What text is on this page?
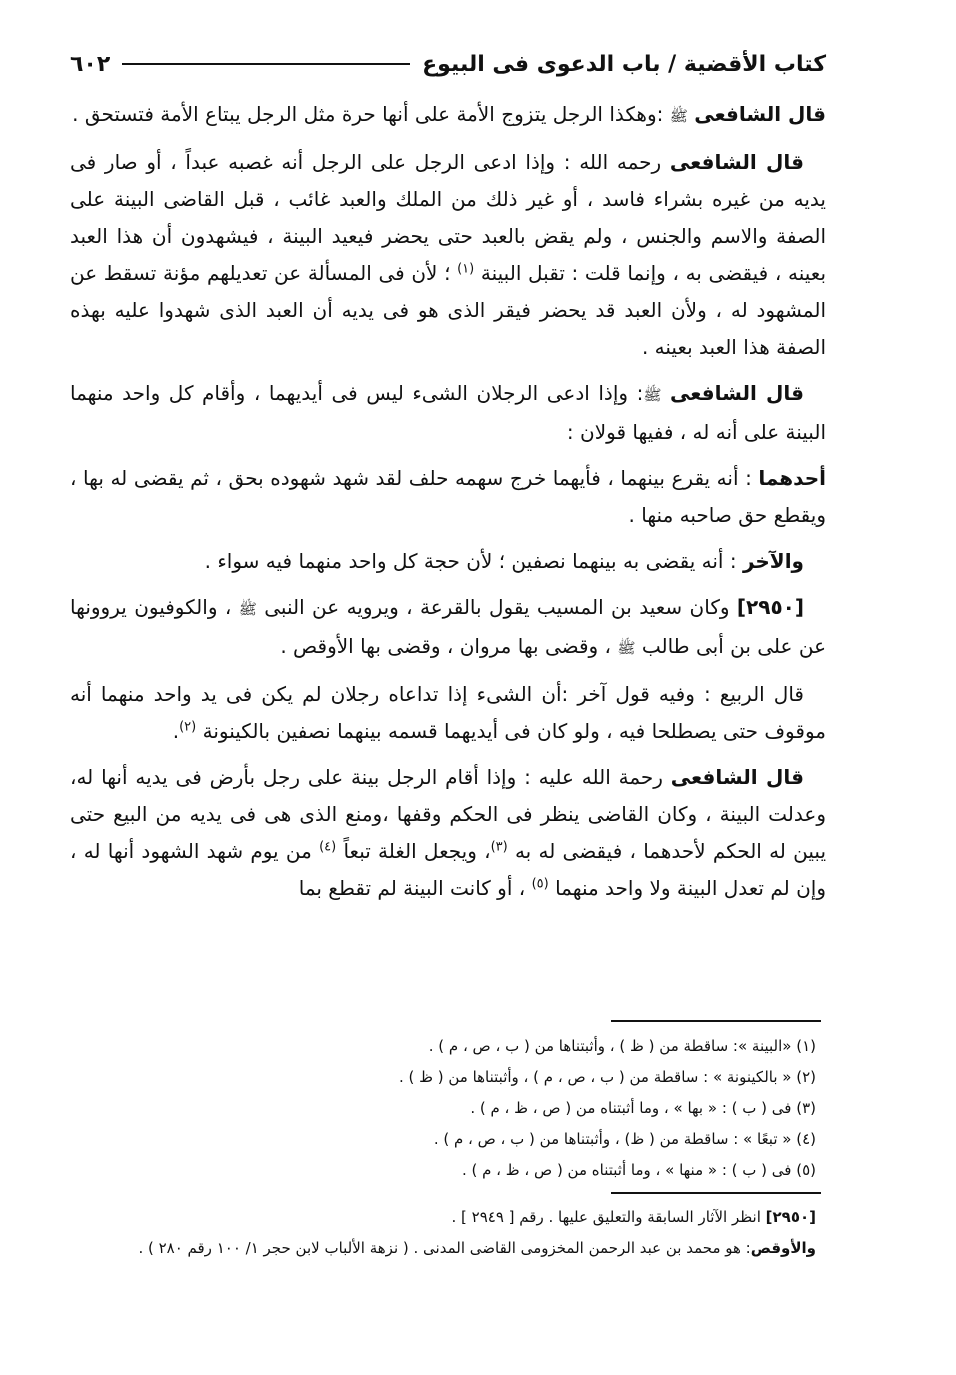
كتاب الأقضية / باب الدعوى فى البيوع
٦٠٢

قال الشافعى ﷺ :وهكذا الرجل يتزوج الأمة على أنها حرة مثل الرجل يبتاع الأمة فتستحق .

قال الشافعى رحمه الله : وإذا ادعى الرجل على الرجل أنه غصبه عبداً ، أو صار فى يديه من غيره بشراء فاسد ، أو غير ذلك من الملك والعبد غائب ، قبل القاضى البينة على الصفة والاسم والجنس ، ولم يقض بالعبد حتى يحضر فيعيد البينة ، فيشهدون أن هذا العبد بعينه ، فيقضى به ، وإنما قلت : تقبل البينة $^{(١)}$ ؛ لأن فى المسألة عن تعديلهم مؤنة تسقط عن المشهود له ، ولأن العبد قد يحضر فيقر الذى هو فى يديه أن العبد الذى شهدوا عليه بهذه الصفة هذا العبد بعينه .

قال الشافعى ﷺ: وإذا ادعى الرجلان الشىء ليس فى أيديهما ، وأقام كل واحد منهما البينة على أنه له ، ففيها قولان :

أحدهما : أنه يقرع بينهما ، فأيهما خرج سهمه حلف لقد شهد شهوده بحق ، ثم يقضى له بها ، ويقطع حق صاحبه منها .

والآخر : أنه يقضى به بينهما نصفين ؛ لأن حجة كل واحد منهما فيه سواء .

[٢٩٥٠] وكان سعيد بن المسيب يقول بالقرعة ، ويرويه عن النبى ﷺ ، والكوفيون يروونها عن على بن أبى طالب ﷺ ، وقضى بها مروان ، وقضى بها الأوقص .

قال الربيع : وفيه قول آخر :أن الشىء إذا تداعاه رجلان لم يكن فى يد واحد منهما أنه موقوف حتى يصطلحا فيه ، ولو كان فى أيديهما قسمه بينهما نصفين بالكينونة $^{(٢)}$.

قال الشافعى رحمة الله عليه : وإذا أقام الرجل بينة على رجل بأرض فى يديه أنها له، وعدلت البينة ، وكان القاضى ينظر فى الحكم وقفها ،ومنع الذى هى فى يديه من البيع حتى يبين له الحكم لأحدهما ، فيقضى له به $^{(٣)}$، ويجعل الغلة تبعاً $^{(٤)}$ من يوم شهد الشهود أنها له ، وإن لم تعدل البينة ولا واحد منهما $^{(٥)}$ ، أو كانت البينة لم تقطع بما

(١) «البينة »: ساقطة من ( ظ ) ، وأثبتناها من ( ب ، ص ، م ) .
(٢) « بالكينونة » : ساقطة من ( ب ، ص ، م ) ، وأثبتناها من ( ظ ) .
(٣) فى ( ب ) : « بها » ، وما أثبتناه من ( ص ، ظ ، م ) .
(٤) « تبعًا » : ساقطة من ( ظ) ، وأثبتناها من ( ب ، ص ، م ) .
(٥) فى ( ب ) : « منها » ، وما أثبتناه من ( ص ، ظ ، م ) .

[٢٩٥٠] انظر الآثار السابقة والتعليق عليها . رقم [ ٢٩٤٩ ] .

والأوقص: هو محمد بن عبد الرحمن المخزومى القاضى المدنى . ( نزهة الألباب لابن حجر ١/ ١٠٠ رقم ٢٨٠ ) .
